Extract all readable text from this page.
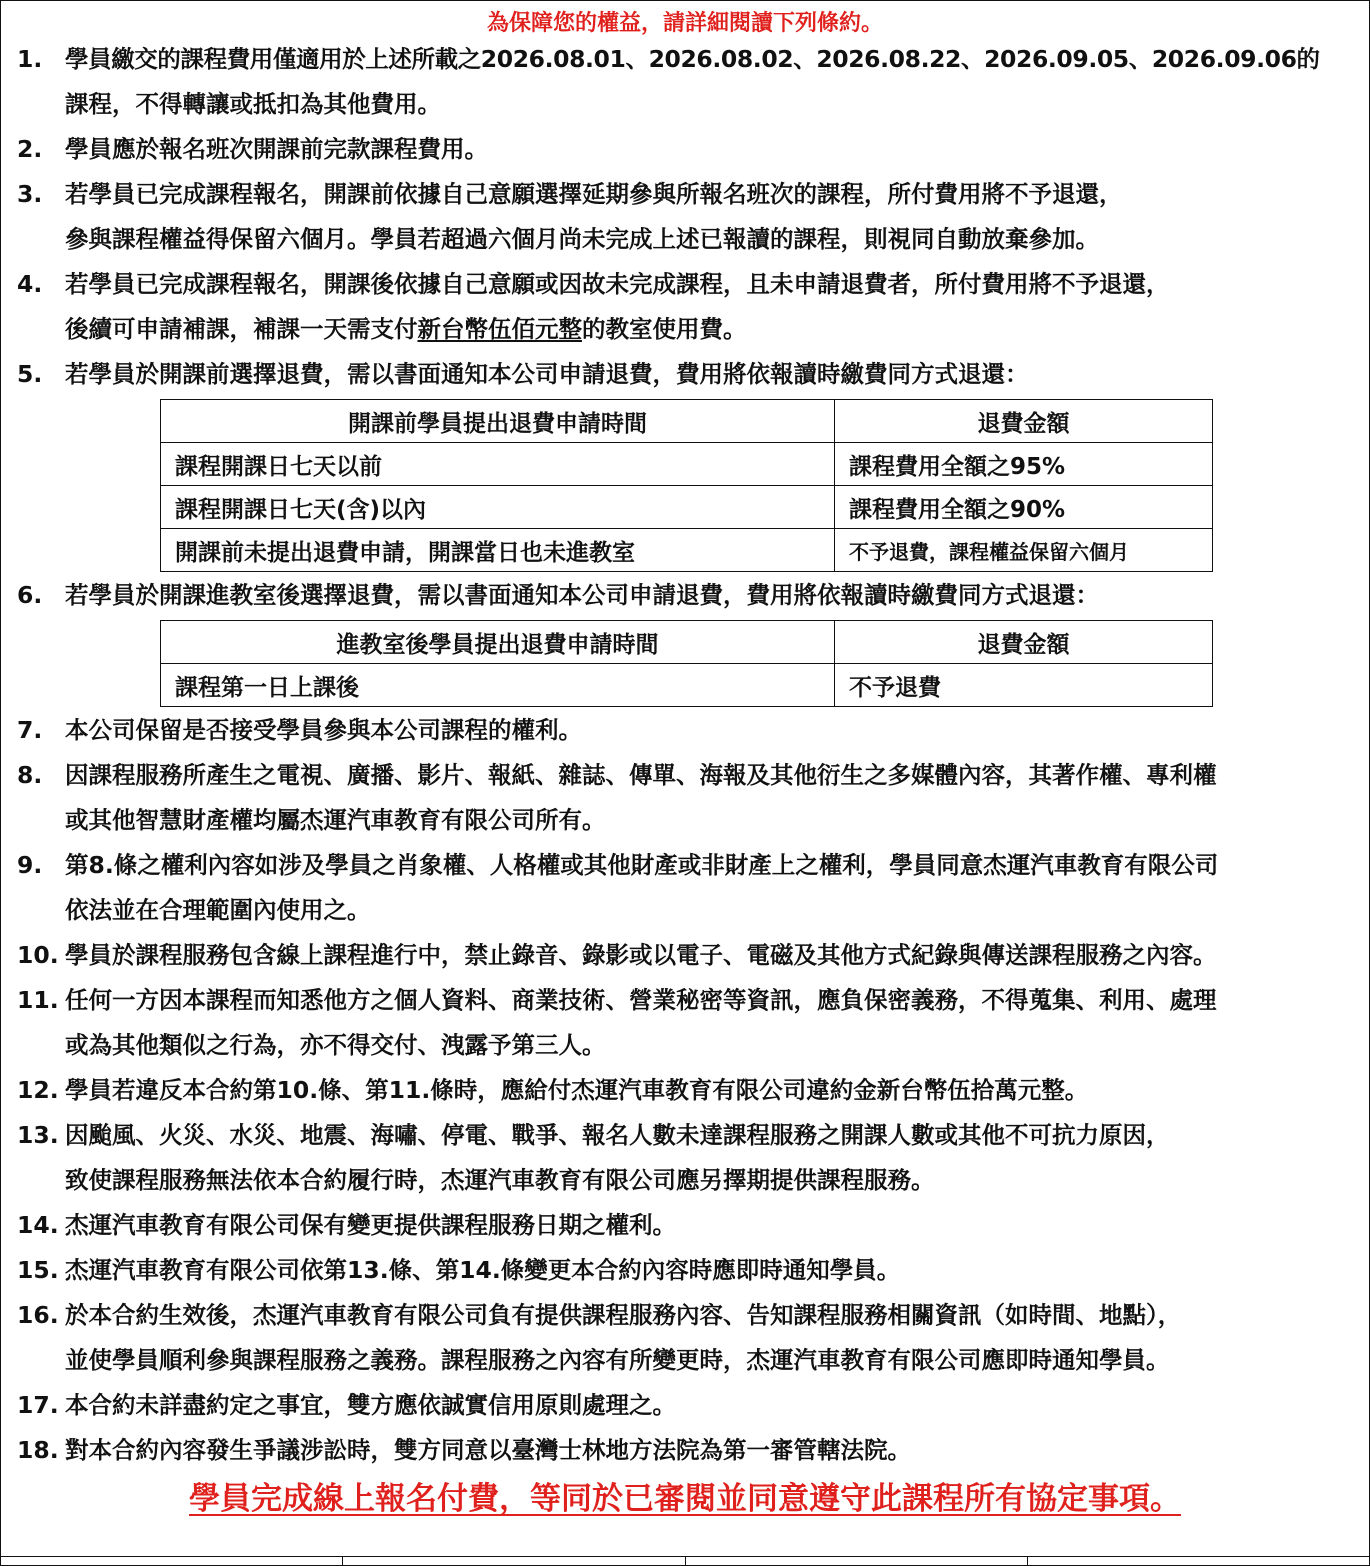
為保障您的權益，請詳細閱讀下列條約。
1. 學員繳交的課程費用僅適用於上述所載之2026.08.01、2026.08.02、2026.08.22、2026.09.05、2026.09.06的
課程，不得轉讓或抵扣為其他費用。
2. 學員應於報名班次開課前完款課程費用。
3. 若學員已完成課程報名，開課前依據自己意願選擇延期參與所報名班次的課程，所付費用將不予退還，
參與課程權益得保留六個月。學員若超過六個月尚未完成上述已報讀的課程，則視同自動放棄參加。
4. 若學員已完成課程報名，開課後依據自己意願或因故未完成課程，且未申請退費者，所付費用將不予退還，
後續可申請補課，補課一天需支付新台幣伍佰元整的教室使用費。
5. 若學員於開課前選擇退費，需以書面通知本公司申請退費，費用將依報讀時繳費同方式退還：
開課前學員提出退費申請時間	退費金額
課程開課日七天以前	課程費用全額之95%
課程開課日七天(含)以內	課程費用全額之90%
開課前未提出退費申請，開課當日也未進教室	不予退費，課程權益保留六個月
6. 若學員於開課進教室後選擇退費，需以書面通知本公司申請退費，費用將依報讀時繳費同方式退還：
進教室後學員提出退費申請時間	退費金額
課程第一日上課後	不予退費
7. 本公司保留是否接受學員參與本公司課程的權利。
8. 因課程服務所產生之電視、廣播、影片、報紙、雜誌、傳單、海報及其他衍生之多媒體內容，其著作權、專利權
或其他智慧財產權均屬杰運汽車教育有限公司所有。
9. 第8.條之權利內容如涉及學員之肖象權、人格權或其他財產或非財產上之權利，學員同意杰運汽車教育有限公司
依法並在合理範圍內使用之。
10. 學員於課程服務包含線上課程進行中，禁止錄音、錄影或以電子、電磁及其他方式紀錄與傳送課程服務之內容。
11. 任何一方因本課程而知悉他方之個人資料、商業技術、營業秘密等資訊，應負保密義務，不得蒐集、利用、處理
或為其他類似之行為，亦不得交付、洩露予第三人。
12. 學員若違反本合約第10.條、第11.條時，應給付杰運汽車教育有限公司違約金新台幣伍拾萬元整。
13. 因颱風、火災、水災、地震、海嘯、停電、戰爭、報名人數未達課程服務之開課人數或其他不可抗力原因，
致使課程服務無法依本合約履行時，杰運汽車教育有限公司應另擇期提供課程服務。
14. 杰運汽車教育有限公司保有變更提供課程服務日期之權利。
15. 杰運汽車教育有限公司依第13.條、第14.條變更本合約內容時應即時通知學員。
16. 於本合約生效後，杰運汽車教育有限公司負有提供課程服務內容、告知課程服務相關資訊（如時間、地點），
並使學員順利參與課程服務之義務。課程服務之內容有所變更時，杰運汽車教育有限公司應即時通知學員。
17. 本合約未詳盡約定之事宜，雙方應依誠實信用原則處理之。
18. 對本合約內容發生爭議涉訟時，雙方同意以臺灣士林地方法院為第一審管轄法院。
學員完成線上報名付費，等同於已審閱並同意遵守此課程所有協定事項。
